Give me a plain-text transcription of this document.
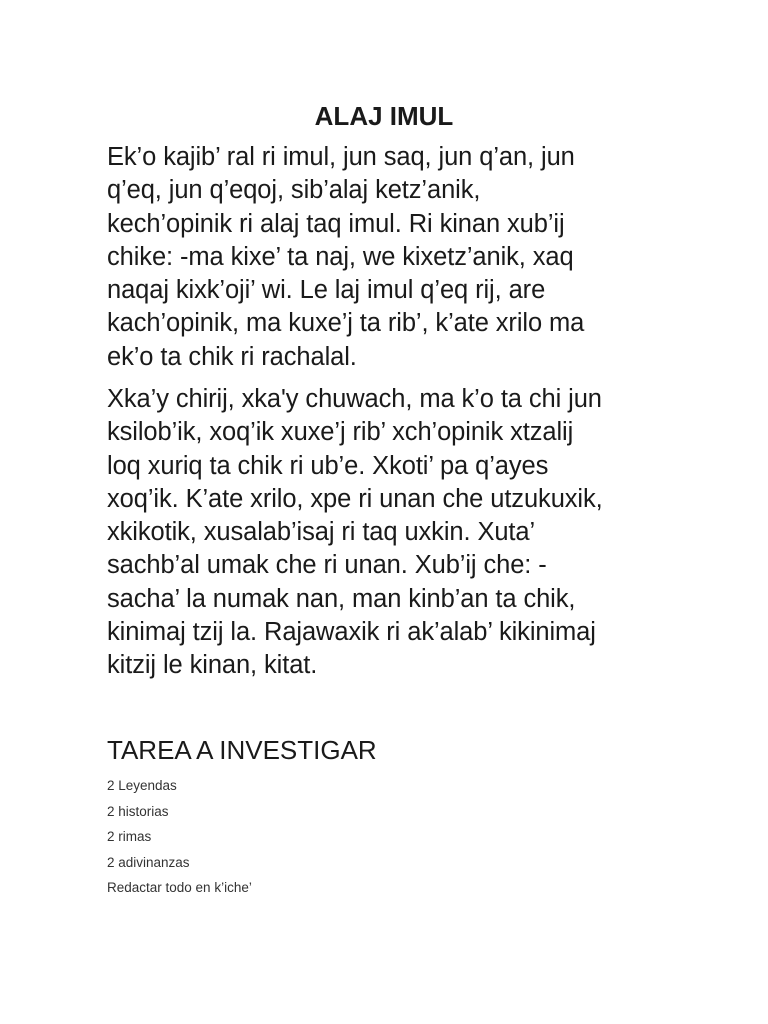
ALAJ IMUL

Ek’o kajib’ ral ri imul, jun saq, jun q’an, jun
q’eq, jun q’eqoj, sib’alaj ketz’anik,
kech’opinik ri alaj taq imul. Ri kinan xub’ij
chike: -ma kixe’ ta naj, we kixetz’anik, xaq
naqaj kixk’oji’ wi. Le laj imul q’eq rij, are
kach’opinik, ma kuxe’j ta rib’, k’ate xrilo ma
ek’o ta chik ri rachalal.

Xka’y chirij, xka'y chuwach, ma k’o ta chi jun
ksilob’ik, xoq’ik xuxe’j rib’ xch’opinik xtzalij
loq xuriq ta chik ri ub’e. Xkoti’ pa q’ayes
xoq’ik. K’ate xrilo, xpe ri unan che utzukuxik,
xkikotik, xusalab’isaj ri taq uxkin. Xuta’
sachb’al umak che ri unan. Xub’ij che: -
sacha’ la numak nan, man kinb’an ta chik,
kinimaj tzij la. Rajawaxik ri ak’alab’ kikinimaj
kitzij le kinan, kitat.

TAREA A INVESTIGAR
2 Leyendas
2 historias
2 rimas
2 adivinanzas
Redactar todo en k’iche’
